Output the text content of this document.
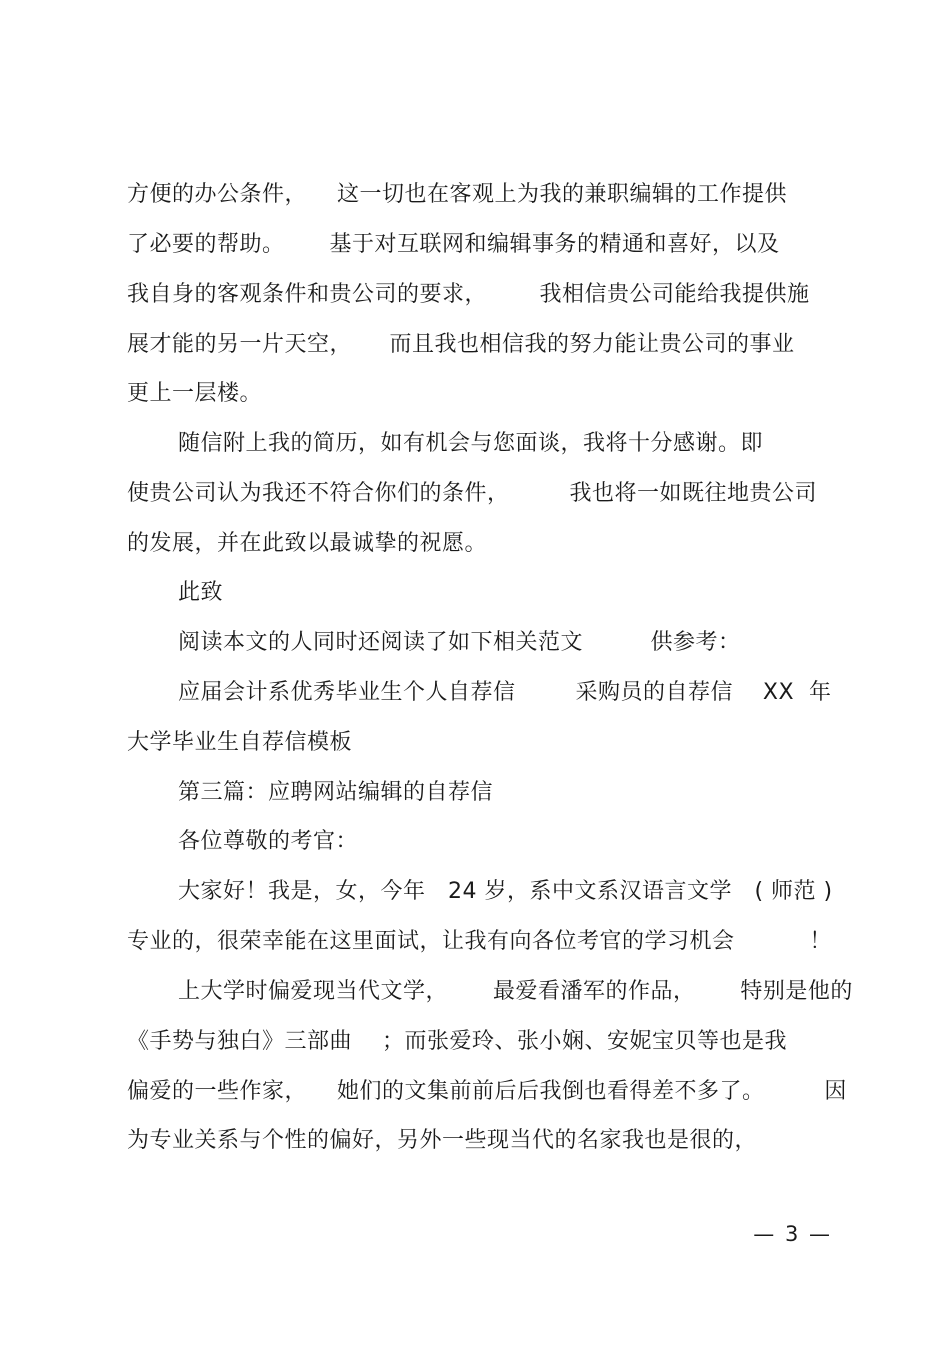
方便的办公条件，    这一切也在客观上为我的兼职编辑的工作提供
了必要的帮助。      基于对互联网和编辑事务的精通和喜好，以及
我自身的客观条件和贵公司的要求，       我相信贵公司能给我提供施
展才能的另一片天空，     而且我也相信我的努力能让贵公司的事业
更上一层楼。
随信附上我的简历，如有机会与您面谈，我将十分感谢。即
使贵公司认为我还不符合你们的条件，        我也将一如既往地贵公司
的发展，并在此致以最诚挚的祝愿。
此致
阅读本文的人同时还阅读了如下相关范文         供参考：
应届会计系优秀毕业生个人自荐信        采购员的自荐信    XX  年
大学毕业生自荐信模板
第三篇：应聘网站编辑的自荐信
各位尊敬的考官：
大家好！我是，女，今年   24 岁，系中文系汉语言文学   ( 师范 )
专业的，很荣幸能在这里面试，让我有向各位考官的学习机会          ！
上大学时偏爱现当代文学，      最爱看潘军的作品，      特别是他的
《手势与独白》三部曲    ；而张爱玲、张小娴、安妮宝贝等也是我
偏爱的一些作家，    她们的文集前前后后我倒也看得差不多了。        因
为专业关系与个性的偏好，另外一些现当代的名家我也是很的，
— 3 —
